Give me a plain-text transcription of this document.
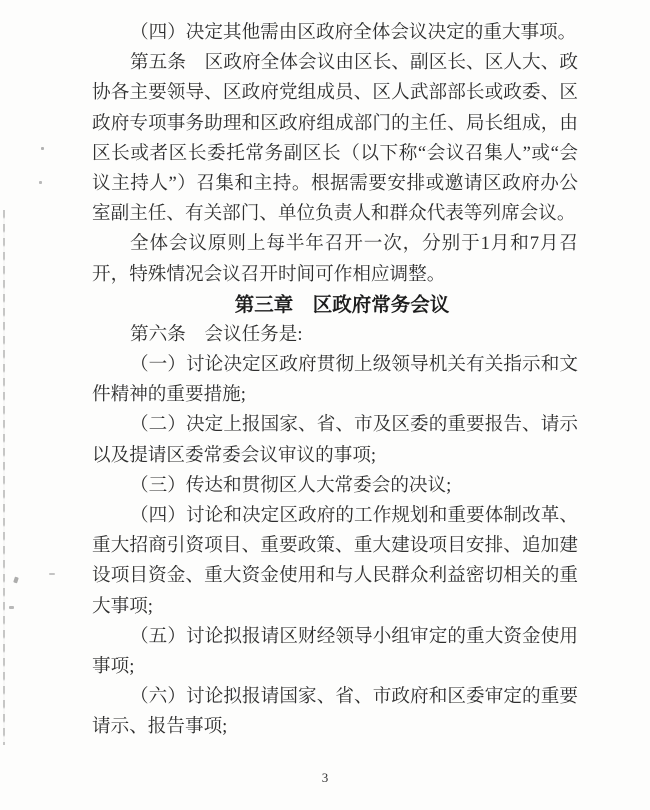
（四）决定其他需由区政府全体会议决定的重大事项。
第五条　区政府全体会议由区长、副区长、区人大、政
协各主要领导、区政府党组成员、区人武部部长或政委、区
政府专项事务助理和区政府组成部门的主任、局长组成，由
区长或者区长委托常务副区长（以下称“会议召集人”或“会
议主持人”）召集和主持。根据需要安排或邀请区政府办公
室副主任、有关部门、单位负责人和群众代表等列席会议。
全体会议原则上每半年召开一次，分别于1月和7月召
开，特殊情况会议召开时间可作相应调整。
第三章　区政府常务会议
第六条　会议任务是:
（一）讨论决定区政府贯彻上级领导机关有关指示和文
件精神的重要措施;
（二）决定上报国家、省、市及区委的重要报告、请示
以及提请区委常委会议审议的事项;
（三）传达和贯彻区人大常委会的决议;
（四）讨论和决定区政府的工作规划和重要体制改革、
重大招商引资项目、重要政策、重大建设项目安排、追加建
设项目资金、重大资金使用和与人民群众利益密切相关的重
大事项;
（五）讨论拟报请区财经领导小组审定的重大资金使用
事项;
（六）讨论拟报请国家、省、市政府和区委审定的重要
请示、报告事项;
3
